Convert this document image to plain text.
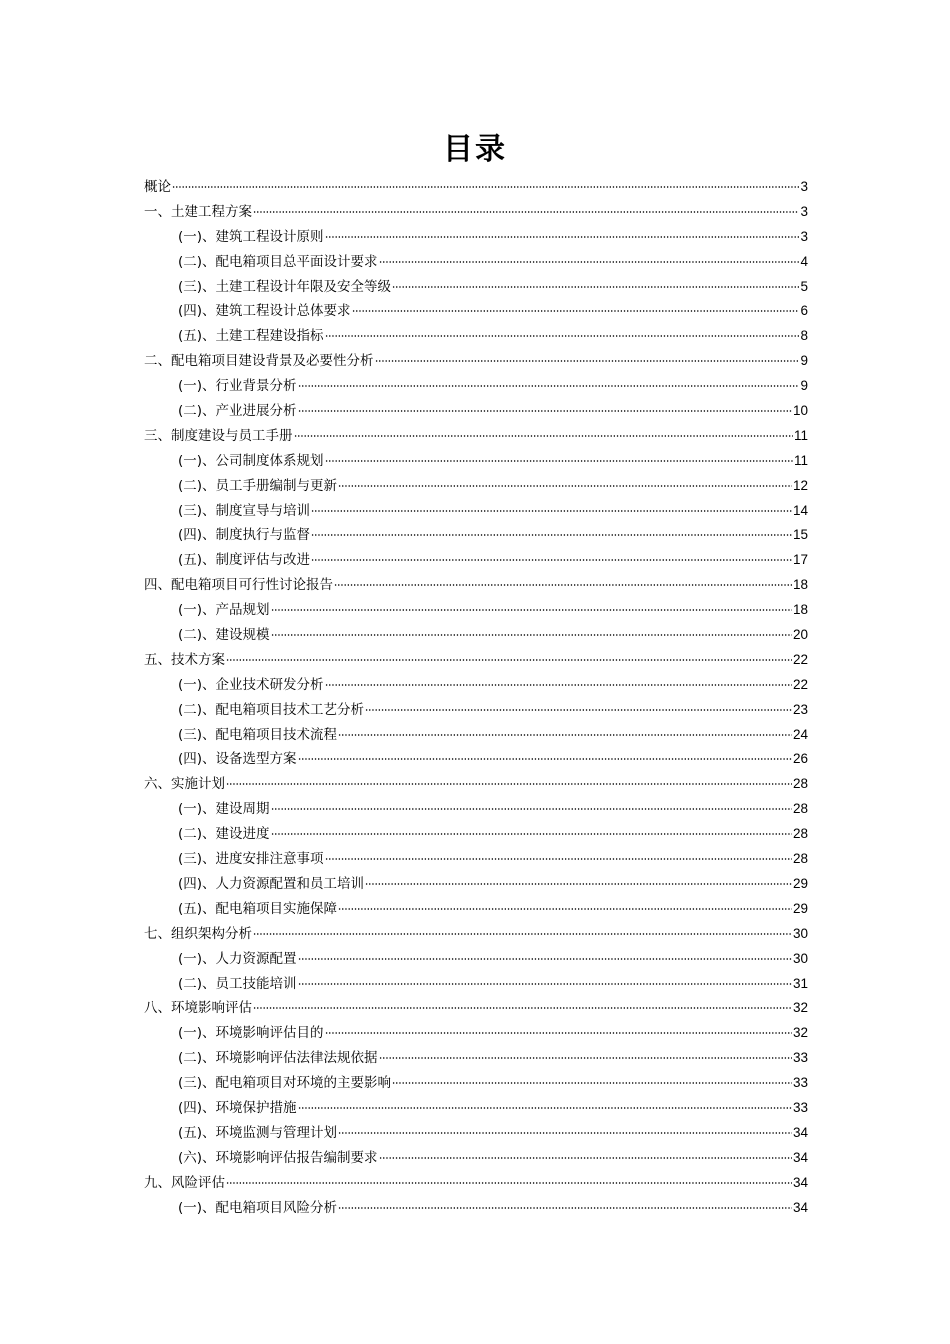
目录
概论	3
一、土建工程方案	3
(一)、建筑工程设计原则	3
(二)、配电箱项目总平面设计要求	4
(三)、土建工程设计年限及安全等级	5
(四)、建筑工程设计总体要求	6
(五)、土建工程建设指标	8
二、配电箱项目建设背景及必要性分析	9
(一)、行业背景分析	9
(二)、产业进展分析	10
三、制度建设与员工手册	11
(一)、公司制度体系规划	11
(二)、员工手册编制与更新	12
(三)、制度宣导与培训	14
(四)、制度执行与监督	15
(五)、制度评估与改进	17
四、配电箱项目可行性讨论报告	18
(一)、产品规划	18
(二)、建设规模	20
五、技术方案	22
(一)、企业技术研发分析	22
(二)、配电箱项目技术工艺分析	23
(三)、配电箱项目技术流程	24
(四)、设备选型方案	26
六、实施计划	28
(一)、建设周期	28
(二)、建设进度	28
(三)、进度安排注意事项	28
(四)、人力资源配置和员工培训	29
(五)、配电箱项目实施保障	29
七、组织架构分析	30
(一)、人力资源配置	30
(二)、员工技能培训	31
八、环境影响评估	32
(一)、环境影响评估目的	32
(二)、环境影响评估法律法规依据	33
(三)、配电箱项目对环境的主要影响	33
(四)、环境保护措施	33
(五)、环境监测与管理计划	34
(六)、环境影响评估报告编制要求	34
九、风险评估	34
(一)、配电箱项目风险分析	34
